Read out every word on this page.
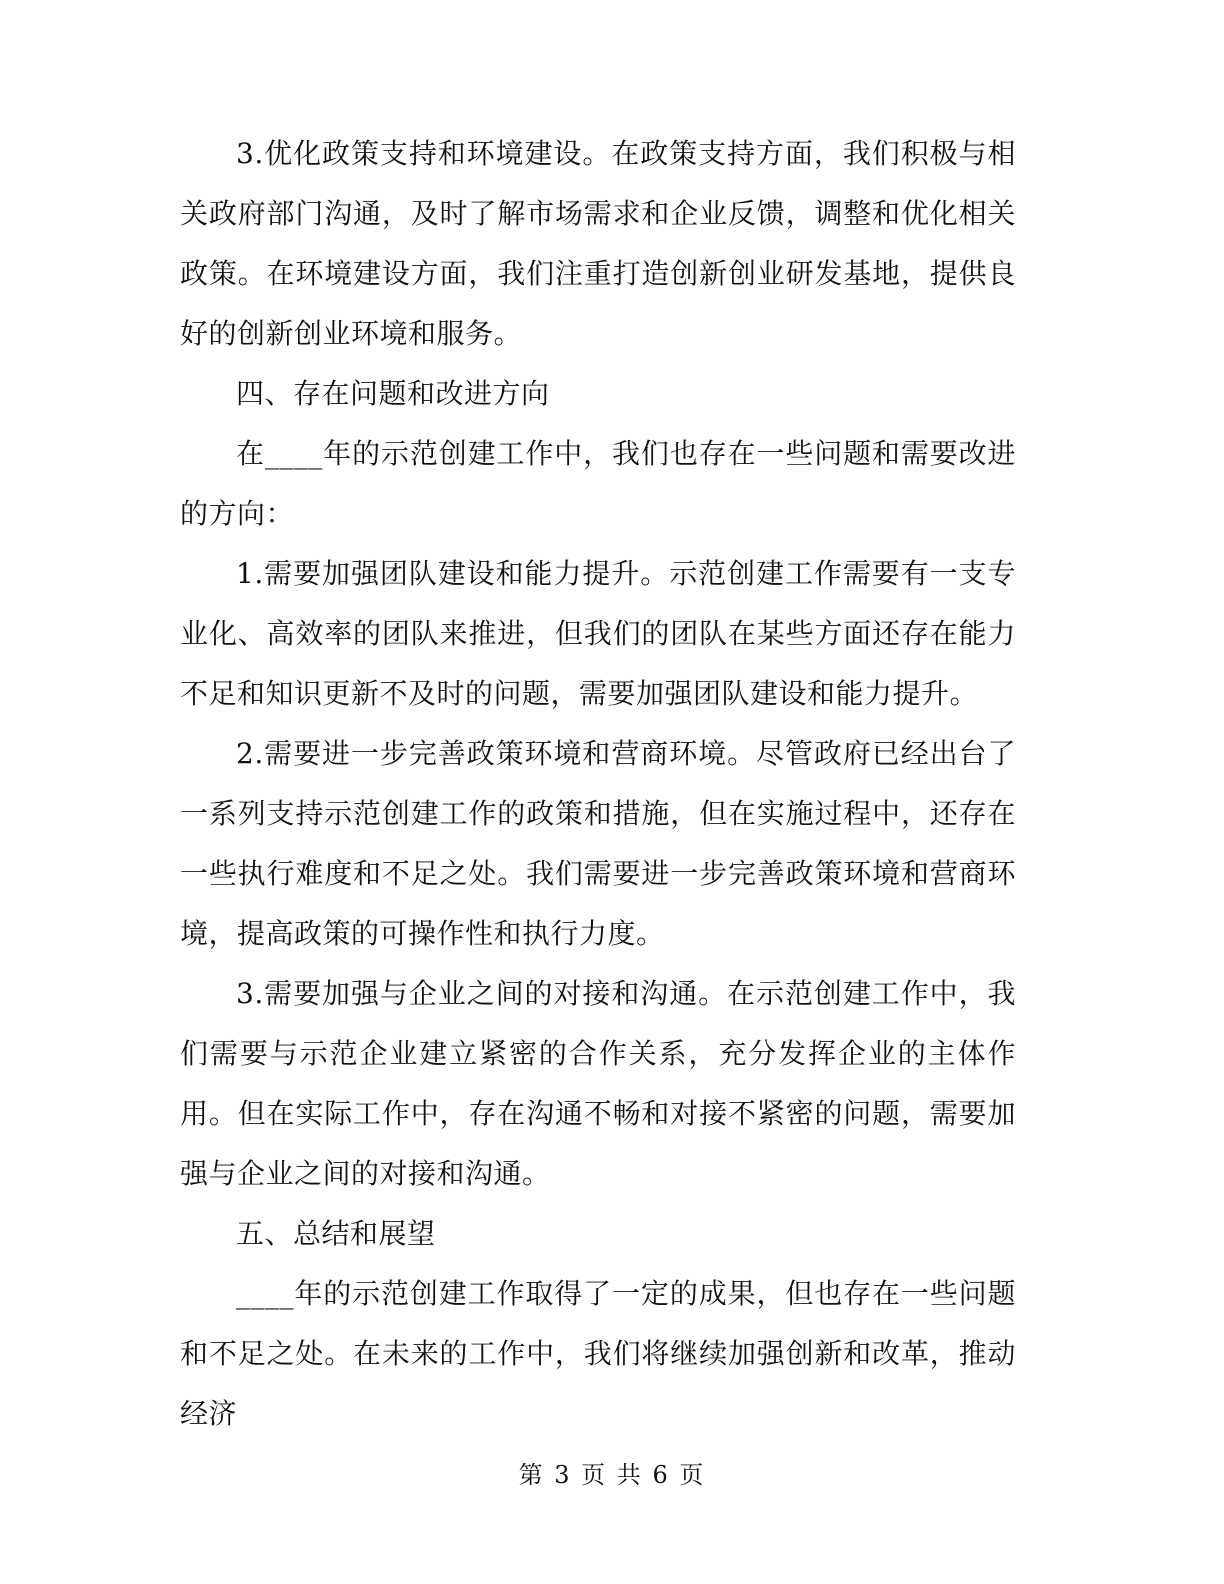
3.优化政策支持和环境建设。在政策支持方面，我们积极与相关政府部门沟通，及时了解市场需求和企业反馈，调整和优化相关政策。在环境建设方面，我们注重打造创新创业研发基地，提供良好的创新创业环境和服务。

四、存在问题和改进方向

在____年的示范创建工作中，我们也存在一些问题和需要改进的方向：

1.需要加强团队建设和能力提升。示范创建工作需要有一支专业化、高效率的团队来推进，但我们的团队在某些方面还存在能力不足和知识更新不及时的问题，需要加强团队建设和能力提升。

2.需要进一步完善政策环境和营商环境。尽管政府已经出台了一系列支持示范创建工作的政策和措施，但在实施过程中，还存在一些执行难度和不足之处。我们需要进一步完善政策环境和营商环境，提高政策的可操作性和执行力度。

3.需要加强与企业之间的对接和沟通。在示范创建工作中，我们需要与示范企业建立紧密的合作关系，充分发挥企业的主体作用。但在实际工作中，存在沟通不畅和对接不紧密的问题，需要加强与企业之间的对接和沟通。

五、总结和展望

____年的示范创建工作取得了一定的成果，但也存在一些问题和不足之处。在未来的工作中，我们将继续加强创新和改革，推动经济

第 3 页 共 6 页
